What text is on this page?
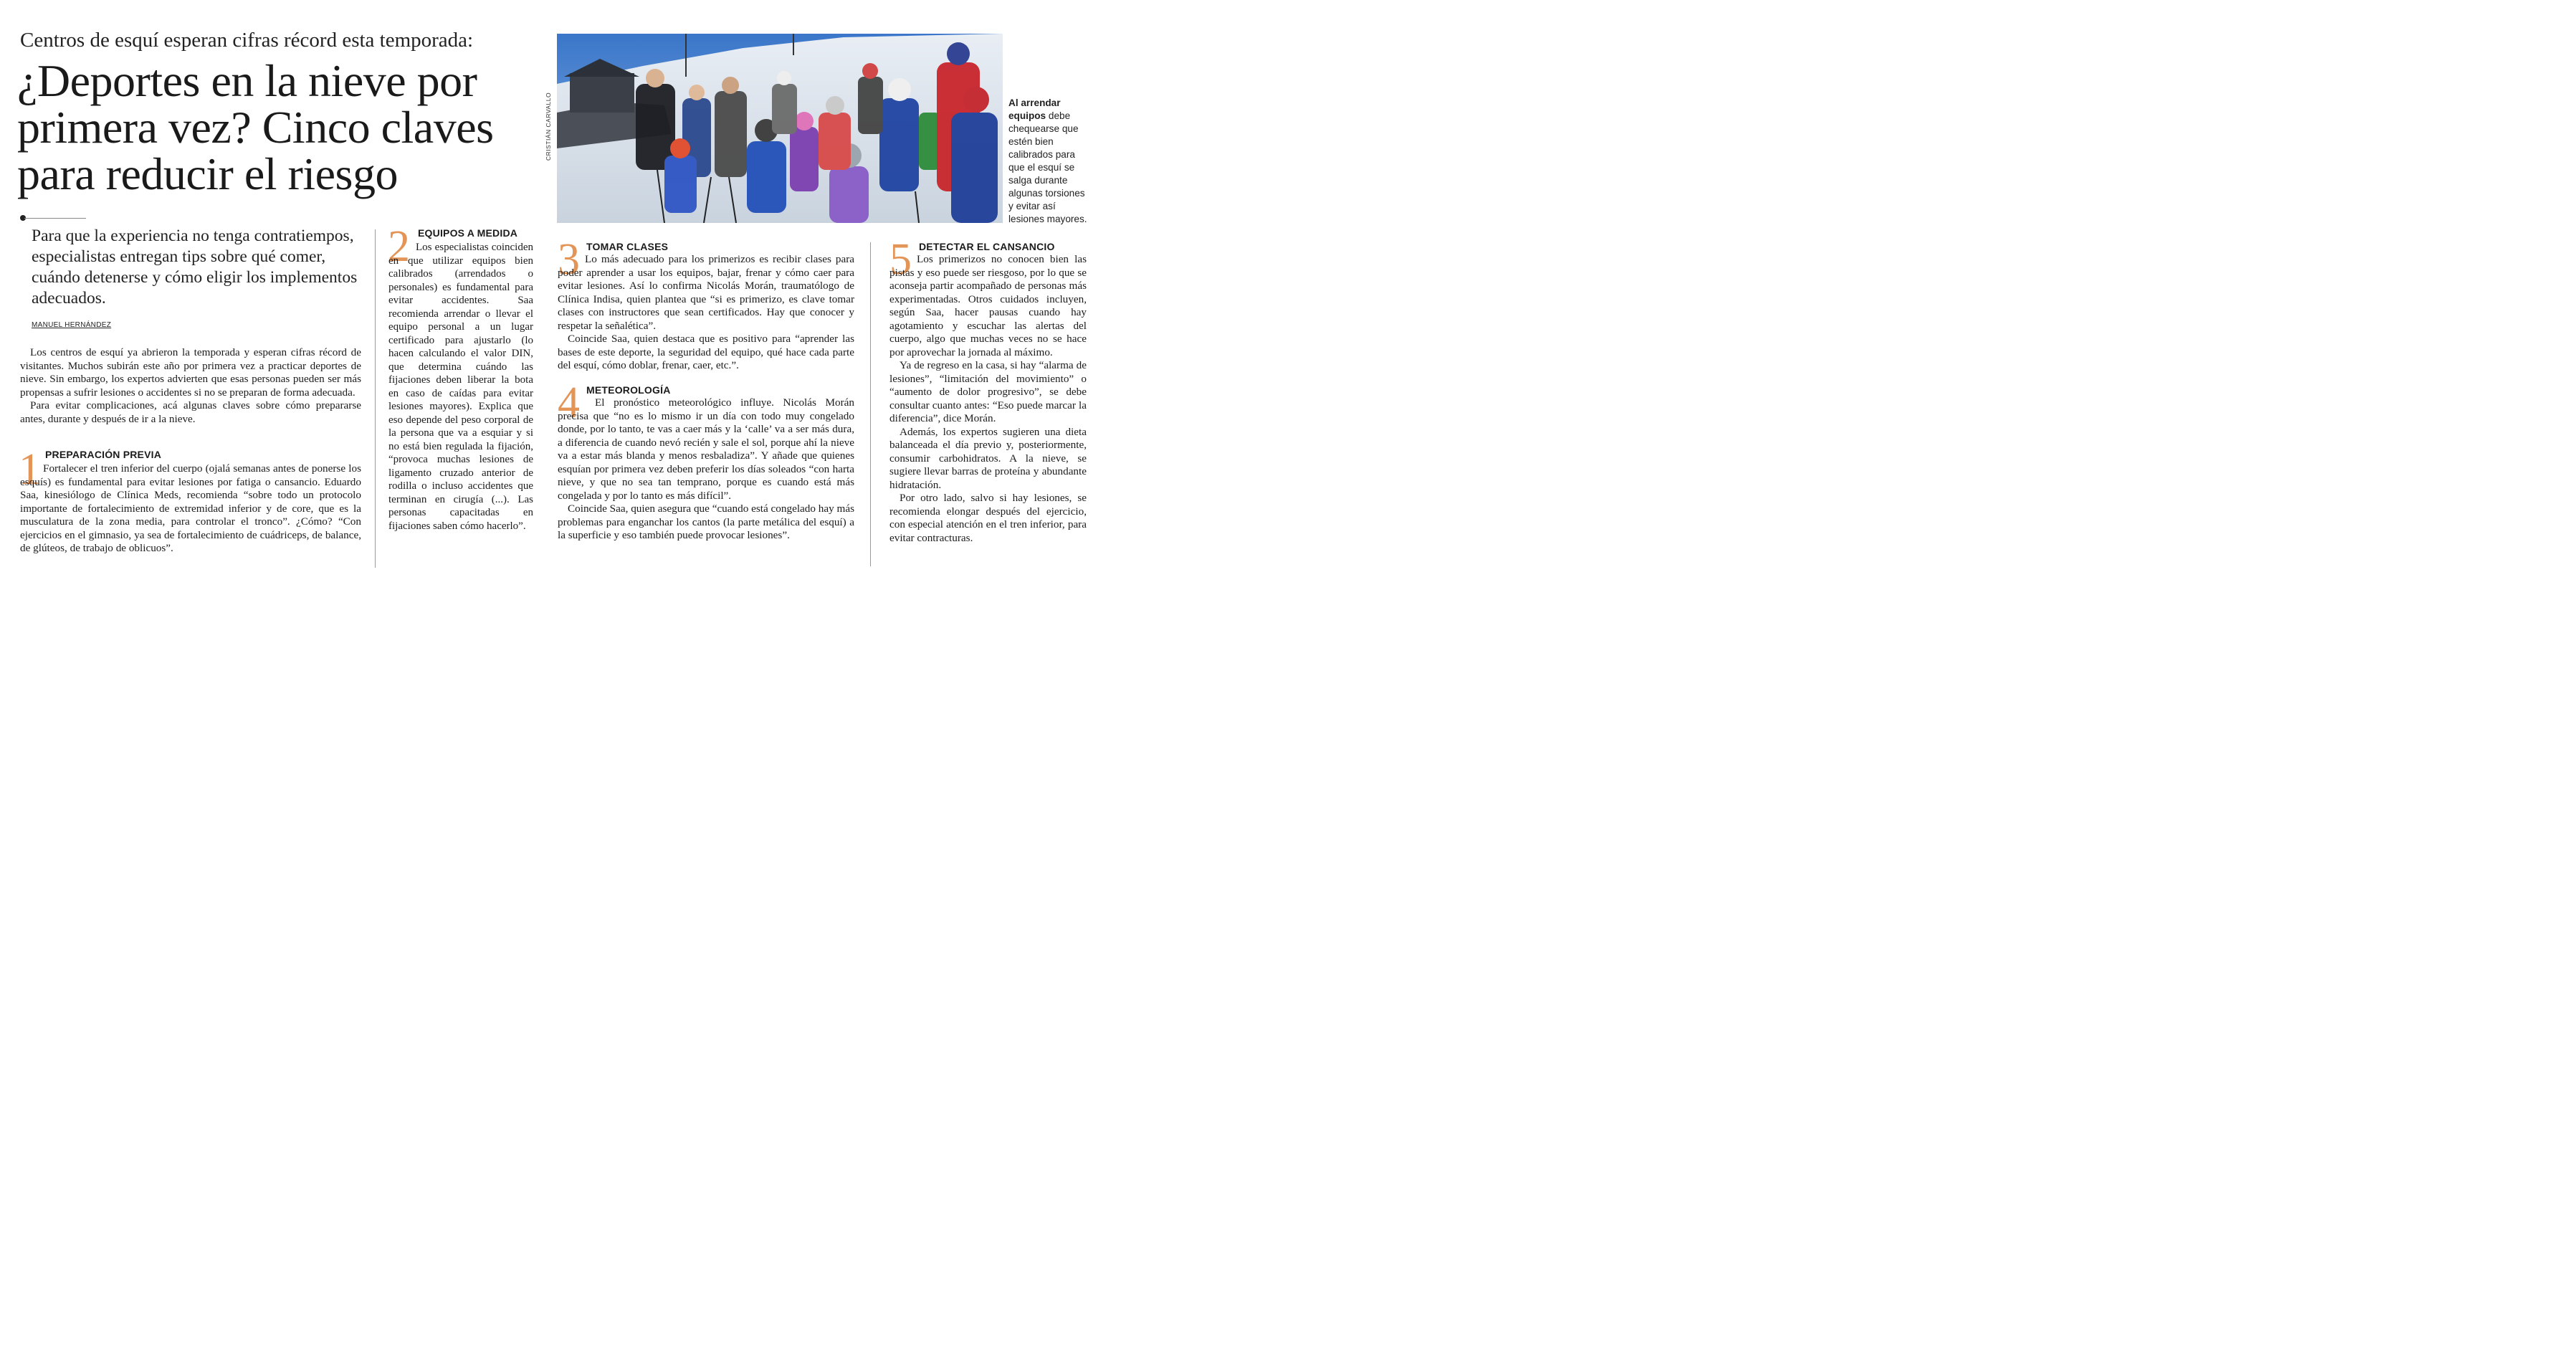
Centros de esquí esperan cifras récord esta temporada:
¿Deportes en la nieve por primera vez? Cinco claves para reducir el riesgo
Para que la experiencia no tenga contratiempos, especialistas entregan tips sobre qué comer, cuándo detenerse y cómo eligir los implementos adecuados.
MANUEL HERNÁNDEZ

Los centros de esquí ya abrieron la temporada y esperan cifras récord de visitantes. Muchos subirán este año por primera vez a practicar deportes de nieve. Sin embargo, los expertos advierten que esas personas pueden ser más propensas a sufrir lesiones o accidentes si no se preparan de forma adecuada.

Para evitar complicaciones, acá algunas claves sobre cómo prepararse antes, durante y después de ir a la nieve.

1 PREPARACIÓN PREVIA

Fortalecer el tren inferior del cuerpo (ojalá semanas antes de ponerse los esquís) es fundamental para evitar lesiones por fatiga o cansancio. Eduardo Saa, kinesiólogo de Clínica Meds, recomienda “sobre todo un protocolo importante de fortalecimiento de extremidad inferior y de core, que es la musculatura de la zona media, para controlar el tronco”. ¿Cómo? “Con ejercicios en el gimnasio, ya sea de fortalecimiento de cuádriceps, de balance, de glúteos, de trabajo de oblicuos”.

2 EQUIPOS A MEDIDA

Los especialistas coinciden en que utilizar equipos bien calibrados (arrendados o personales) es fundamental para evitar accidentes. Saa recomienda arrendar o llevar el equipo personal a un lugar certificado para ajustarlo (lo hacen calculando el valor DIN, que determina cuándo las fijaciones deben liberar la bota en caso de caídas para evitar lesiones mayores). Explica que eso depende del peso corporal de la persona que va a esquiar y si no está bien regulada la fijación, “provoca muchas lesiones de ligamento cruzado anterior de rodilla o incluso accidentes que terminan en cirugía (...). Las personas capacitadas en fijaciones saben cómo hacerlo”.

CRISTIÁN CARVALLO	Al arrendar equipos debe chequearse que estén bien calibrados para que el esquí se salga durante algunas torsiones y evitar así lesiones mayores.
3 TOMAR CLASES

Lo más adecuado para los primerizos es recibir clases para poder aprender a usar los equipos, bajar, frenar y cómo caer para evitar lesiones. Así lo confirma Nicolás Morán, traumatólogo de Clínica Indisa, quien plantea que “si es primerizo, es clave tomar clases con instructores que sean certificados. Hay que conocer y respetar la señalética”.

Coincide Saa, quien destaca que es positivo para “aprender las bases de este deporte, la seguridad del equipo, qué hace cada parte del esquí, cómo doblar, frenar, caer, etc.”.

4 METEOROLOGÍA

El pronóstico meteorológico influye. Nicolás Morán precisa que “no es lo mismo ir un día con todo muy congelado donde, por lo tanto, te vas a caer más y la ‘calle’ va a ser más dura, a diferencia de cuando nevó recién y sale el sol, porque ahí la nieve va a estar más blanda y menos resbaladiza”. Y añade que quienes esquían por primera vez deben preferir los días soleados “con harta nieve, y que no sea tan temprano, porque es cuando está más congelada y por lo tanto es más difícil”.

Coincide Saa, quien asegura que “cuando está congelado hay más problemas para enganchar los cantos (la parte metálica del esquí) a la superficie y eso también puede provocar lesiones”.

5 DETECTAR EL CANSANCIO

Los primerizos no conocen bien las pistas y eso puede ser riesgoso, por lo que se aconseja partir acompañado de personas más experimentadas. Otros cuidados incluyen, según Saa, hacer pausas cuando hay agotamiento y escuchar las alertas del cuerpo, algo que muchas veces no se hace por aprovechar la jornada al máximo.

Ya de regreso en la casa, si hay “alarma de lesiones”, “limitación del movimiento” o “aumento de dolor progresivo”, se debe consultar cuanto antes: “Eso puede marcar la diferencia”, dice Morán.

Además, los expertos sugieren una dieta balanceada el día previo y, posteriormente, consumir carbohidratos. A la nieve, se sugiere llevar barras de proteína y abundante hidratación.

Por otro lado, salvo si hay lesiones, se recomienda elongar después del ejercicio, con especial atención en el tren inferior, para evitar contracturas.
